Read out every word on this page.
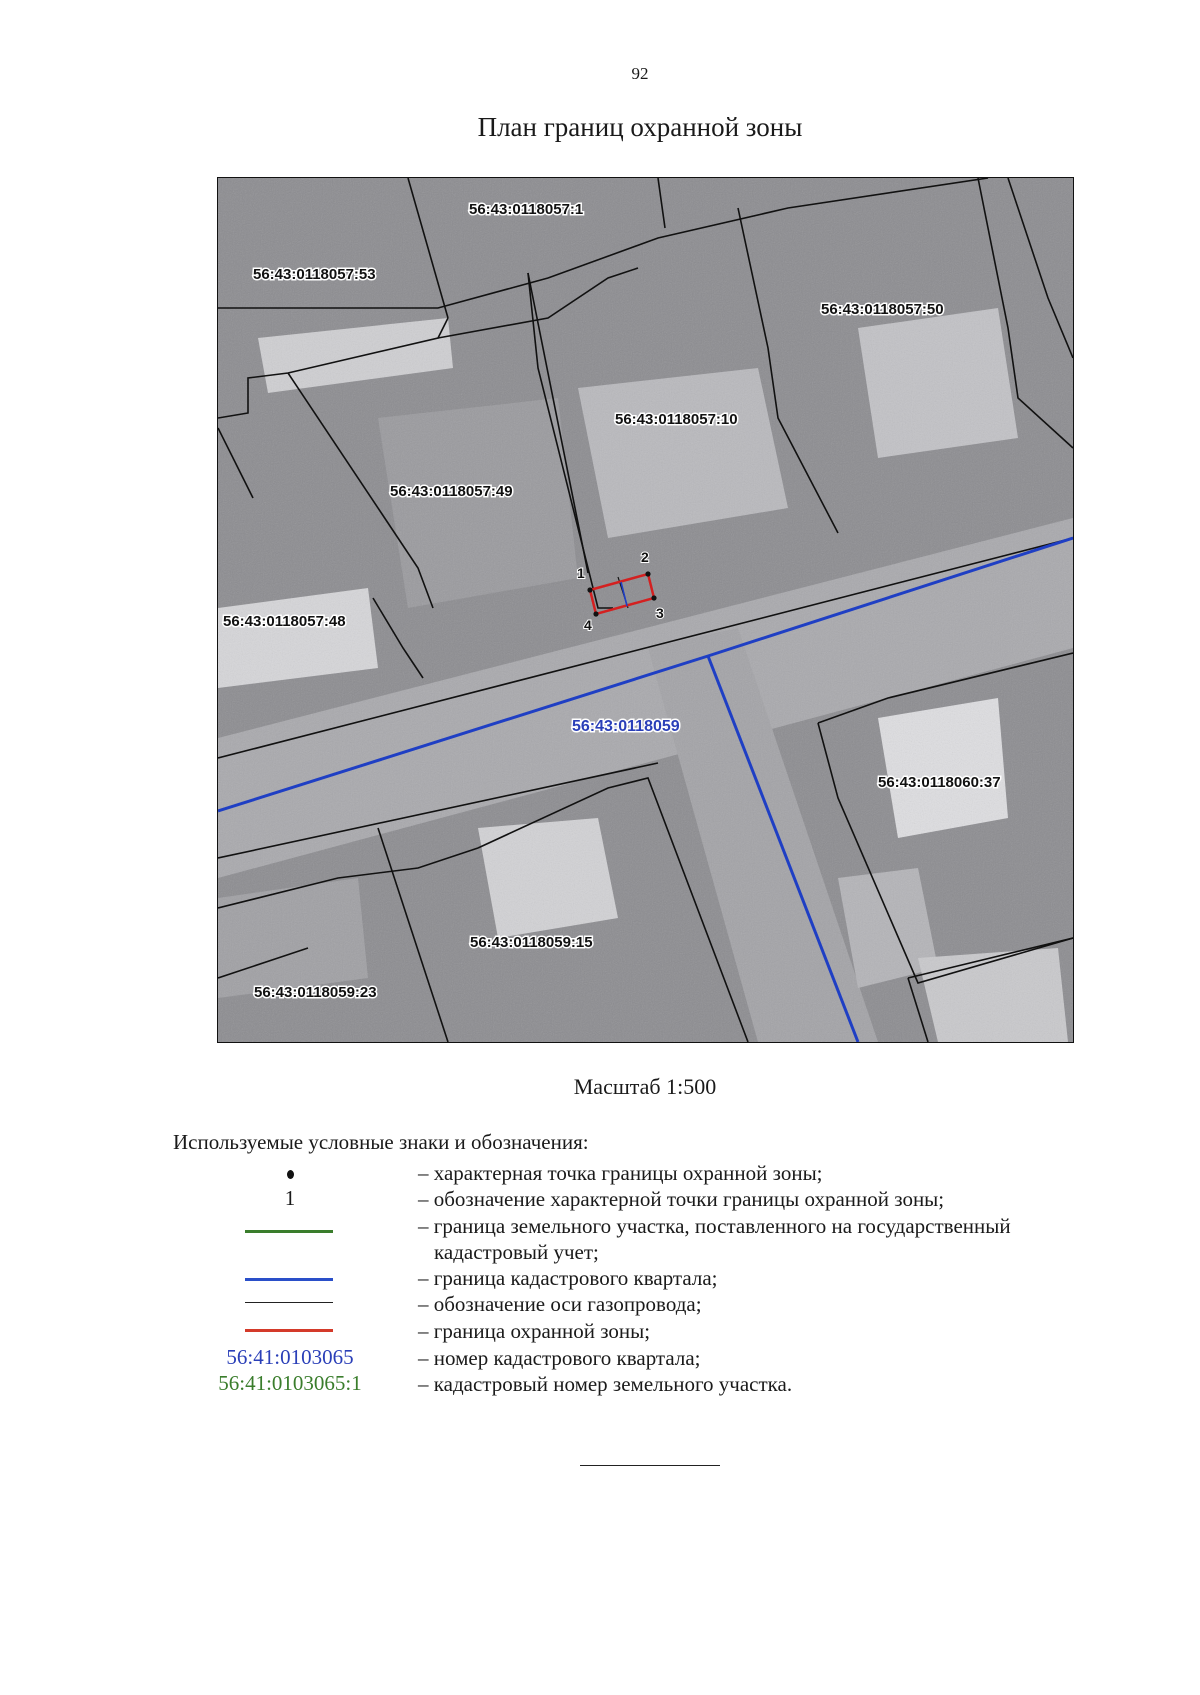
92
План границ охранной зоны
1
2
3
4
56:43:0118057:1
56:43:0118057:53
56:43:0118057:50
56:43:0118057:10
56:43:0118057:49
56:43:0118057:48
56:43:0118060:37
56:43:0118059:15
56:43:0118059:23
56:43:0118059
Масштаб 1:500
Используемые условные знаки и обозначения:
– характерная точка границы охранной зоны;
1	– обозначение характерной точки границы охранной зоны;
– граница земельного участка, поставленного на государственный
кадастровый учет;
– граница кадастрового квартала;
– обозначение оси газопровода;
– граница охранной зоны;
56:41:0103065	– номер кадастрового квартала;
56:41:0103065:1	– кадастровый номер земельного участка.
